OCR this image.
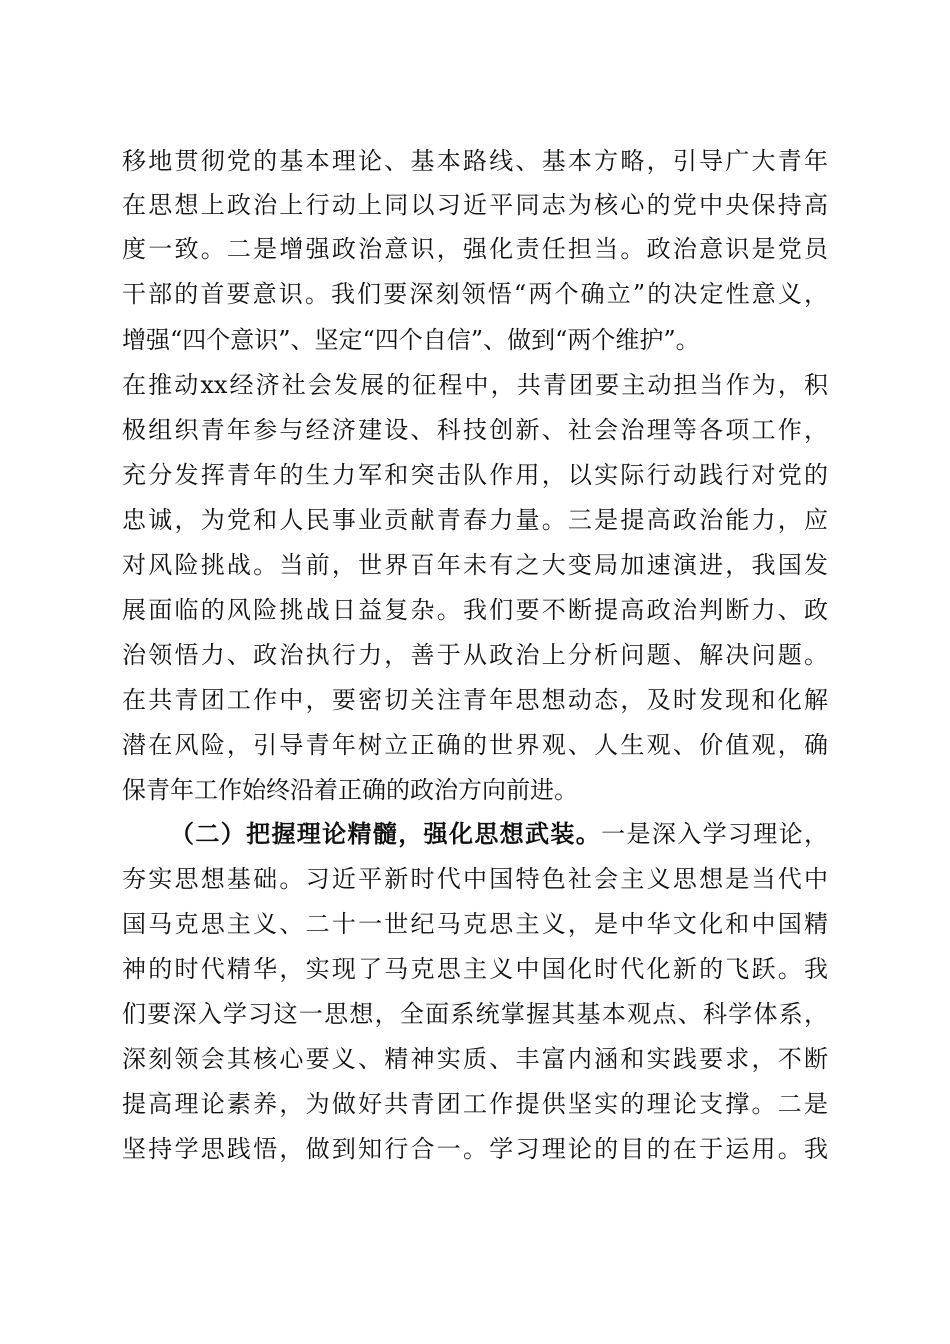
移地贯彻党的基本理论、基本路线、基本方略，引导广大青年
在思想上政治上行动上同以习近平同志为核心的党中央保持高
度一致。二是增强政治意识，强化责任担当。政治意识是党员
干部的首要意识。我们要深刻领悟“两个确立”的决定性意义，
增强“四个意识”、坚定“四个自信”、做到“两个维护”。
在推动xx经济社会发展的征程中，共青团要主动担当作为，积
极组织青年参与经济建设、科技创新、社会治理等各项工作，
充分发挥青年的生力军和突击队作用，以实际行动践行对党的
忠诚，为党和人民事业贡献青春力量。三是提高政治能力，应
对风险挑战。当前，世界百年未有之大变局加速演进，我国发
展面临的风险挑战日益复杂。我们要不断提高政治判断力、政
治领悟力、政治执行力，善于从政治上分析问题、解决问题。
在共青团工作中，要密切关注青年思想动态，及时发现和化解
潜在风险，引导青年树立正确的世界观、人生观、价值观，确
保青年工作始终沿着正确的政治方向前进。
（二）把握理论精髓，强化思想武装。一是深入学习理论，
夯实思想基础。习近平新时代中国特色社会主义思想是当代中
国马克思主义、二十一世纪马克思主义，是中华文化和中国精
神的时代精华，实现了马克思主义中国化时代化新的飞跃。我
们要深入学习这一思想，全面系统掌握其基本观点、科学体系，
深刻领会其核心要义、精神实质、丰富内涵和实践要求，不断
提高理论素养，为做好共青团工作提供坚实的理论支撑。二是
坚持学思践悟，做到知行合一。学习理论的目的在于运用。我
